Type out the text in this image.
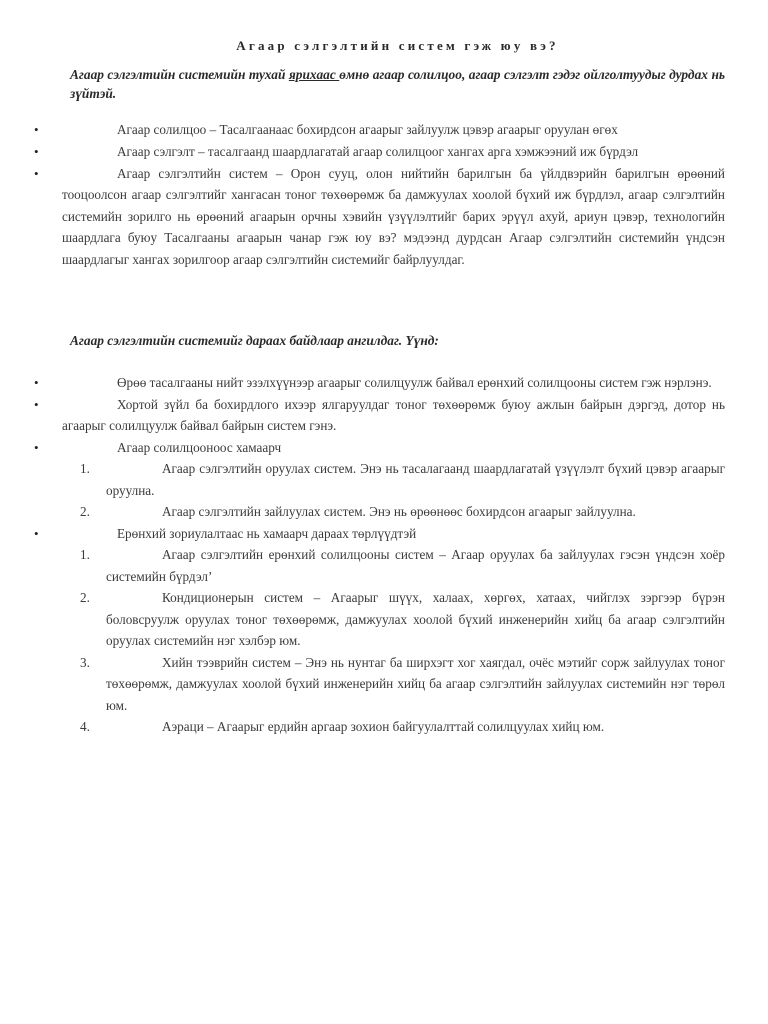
Агаар сэлгэлтийн систем гэж юу вэ?
Агаар сэлгэлтийн системийн тухай ярихаас өмнө агаар солилцоо, агаар сэлгэлт гэдэг ойлголтуудыг дурдах нь зүйтэй.
•	Агаар солилцоо – Тасалгаанаас бохирдсон агаарыг зайлуулж цэвэр агаарыг оруулан өгөх
•	Агаар сэлгэлт – тасалгаанд шаардлагатай агаар солилцоог хангах арга хэмжээний иж бүрдэл
•	Агаар сэлгэлтийн систем – Орон сууц, олон нийтийн барилгын ба үйлдвэрийн барилгын өрөөний тооцоолсон агаар сэлгэлтийг хангасан тоног төхөөрөмж ба дамжуулах хоолой бүхий иж бүрдлэл, агаар сэлгэлтийн системийн зорилго нь өрөөний агаарын орчны хэвийн үзүүлэлтийг барих эрүүл ахуй, ариун цэвэр, технологийн шаардлага буюу Тасалгааны агаарын чанар гэж юу вэ? мэдээнд дурдсан Агаар сэлгэлтийн системийн үндсэн шаардлагыг хангах зорилгоор агаар сэлгэлтийн системийг байрлуулдаг.
Агаар сэлгэлтийн системийг дараах байдлаар ангилдаг. Үүнд:
•	Өрөө тасалгааны нийт эзэлхүүнээр агаарыг солилцуулж байвал ерөнхий солилцооны систем гэж нэрлэнэ.
•	Хортой зүйл ба бохирдлого ихээр ялгаруулдаг тоног төхөөрөмж буюу ажлын байрын дэргэд, дотор нь агаарыг солилцуулж байвал байрын систем гэнэ.
•	Агаар солилцооноос хамаарч
1.	Агаар сэлгэлтийн оруулах систем. Энэ нь тасалагаанд шаардлагатай үзүүлэлт бүхий цэвэр агаарыг оруулна.
2.	Агаар сэлгэлтийн зайлуулах систем. Энэ нь өрөөнөөс бохирдсон агаарыг зайлуулна.
•	Ерөнхий зориулалтаас нь хамаарч дараах төрлүүдтэй
1.	Агаар сэлгэлтийн ерөнхий солилцооны систем – Агаар оруулах ба зайлуулах гэсэн үндсэн хоёр системийн бүрдэл’
2.	Кондиционерын систем – Агаарыг шүүх, халаах, хөргөх, хатаах, чийглэх зэргээр бүрэн боловсруулж оруулах тоног төхөөрөмж, дамжуулах хоолой бүхий инженерийн хийц ба агаар сэлгэлтийн оруулах системийн нэг хэлбэр юм.
3.	Хийн тээврийн систем – Энэ нь нунтаг ба ширхэгт хог хаягдал, очёс мэтийг сорж зайлуулах тоног төхөөрөмж, дамжуулах хоолой бүхий инженерийн хийц ба агаар сэлгэлтийн зайлуулах системийн нэг төрөл юм.
4.	Аэраци – Агаарыг ердийн аргаар зохион байгуулалттай солилцуулах хийц юм.
